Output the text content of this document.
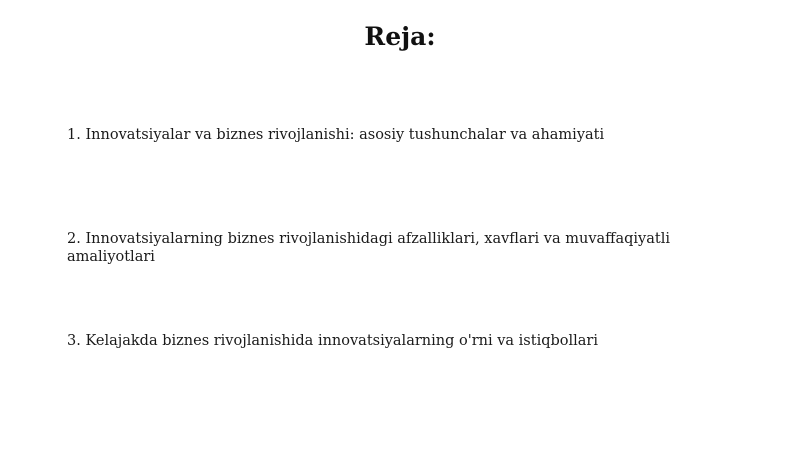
Reja:

1. Innovatsiyalar va biznes rivojlanishi: asosiy tushunchalar va ahamiyati

2. Innovatsiyalarning biznes rivojlanishidagi afzalliklari, xavflari va muvaffaqiyatli amaliyotlari

3. Kelajakda biznes rivojlanishida innovatsiyalarning o'rni va istiqbollari
